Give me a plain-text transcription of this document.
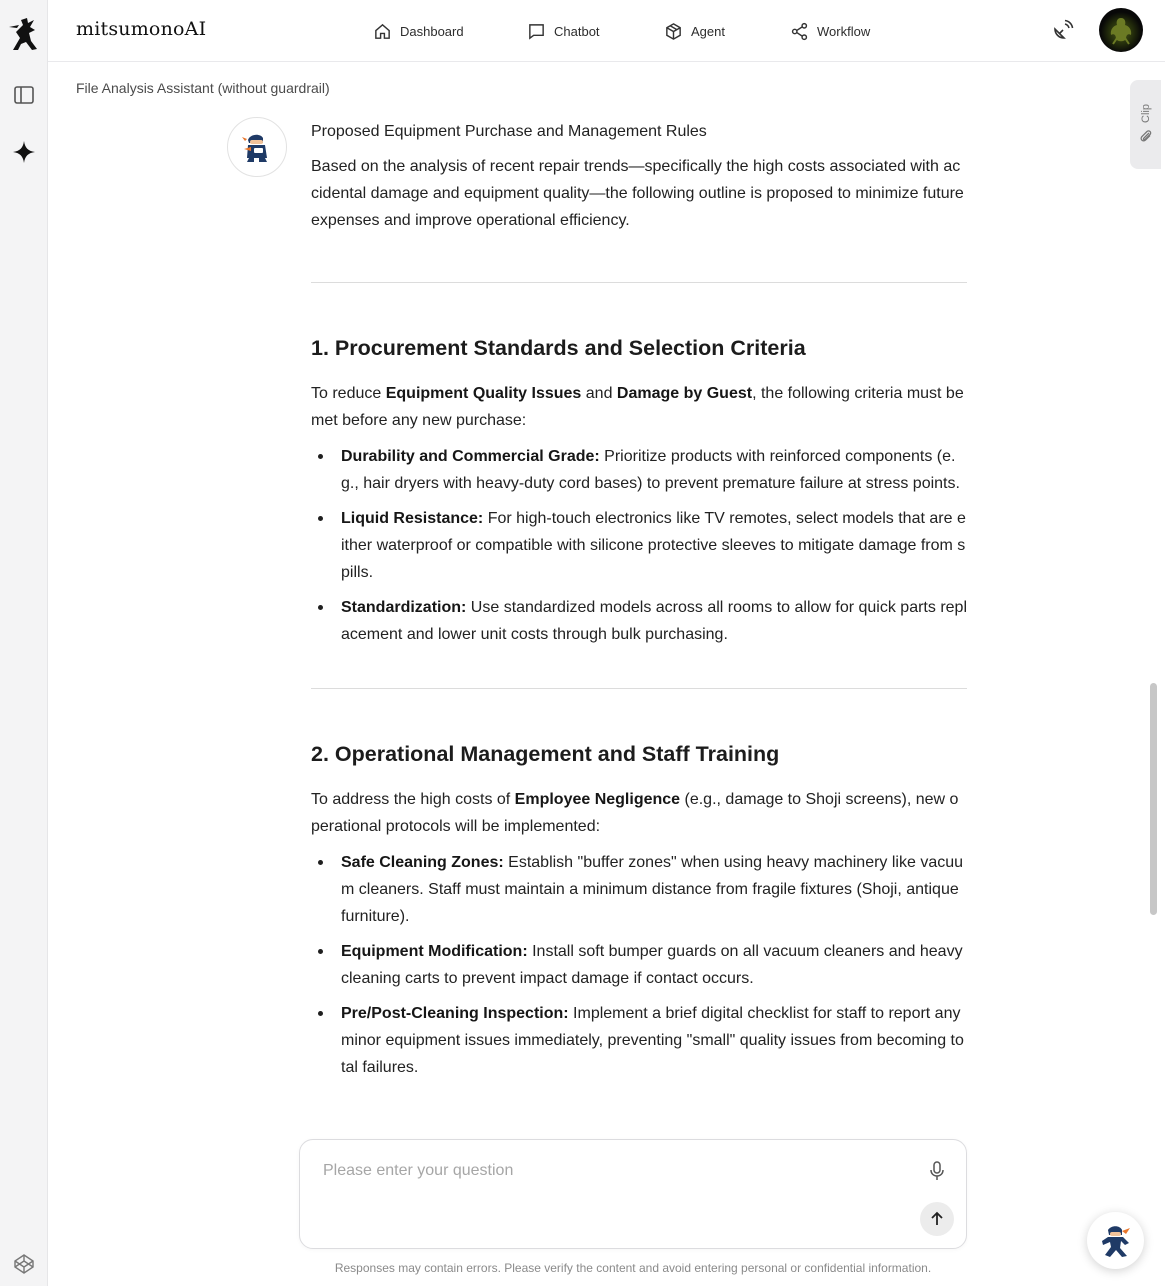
mitsumonoAI	Dashboard	Chatbot	Agent	Workflow
File Analysis Assistant (without guardrail)
Clip

Proposed Equipment Purchase and Management Rules

Based on the analysis of recent repair trends—specifically the high costs associated with accidental damage and equipment quality—the following outline is proposed to minimize future expenses and improve operational efficiency.

1. Procurement Standards and Selection Criteria

To reduce Equipment Quality Issues and Damage by Guest, the following criteria must be met before any new purchase:

Durability and Commercial Grade: Prioritize products with reinforced components (e.g., hair dryers with heavy-duty cord bases) to prevent premature failure at stress points.
Liquid Resistance: For high-touch electronics like TV remotes, select models that are either waterproof or compatible with silicone protective sleeves to mitigate damage from spills.
Standardization: Use standardized models across all rooms to allow for quick parts replacement and lower unit costs through bulk purchasing.
2. Operational Management and Staff Training

To address the high costs of Employee Negligence (e.g., damage to Shoji screens), new operational protocols will be implemented:

Safe Cleaning Zones: Establish "buffer zones" when using heavy machinery like vacuum cleaners. Staff must maintain a minimum distance from fragile fixtures (Shoji, antique furniture).
Equipment Modification: Install soft bumper guards on all vacuum cleaners and heavy cleaning carts to prevent impact damage if contact occurs.
Pre/Post-Cleaning Inspection: Implement a brief digital checklist for staff to report any minor equipment issues immediately, preventing "small" quality issues from becoming total failures.
Please enter your question
Responses may contain errors. Please verify the content and avoid entering personal or confidential information.
